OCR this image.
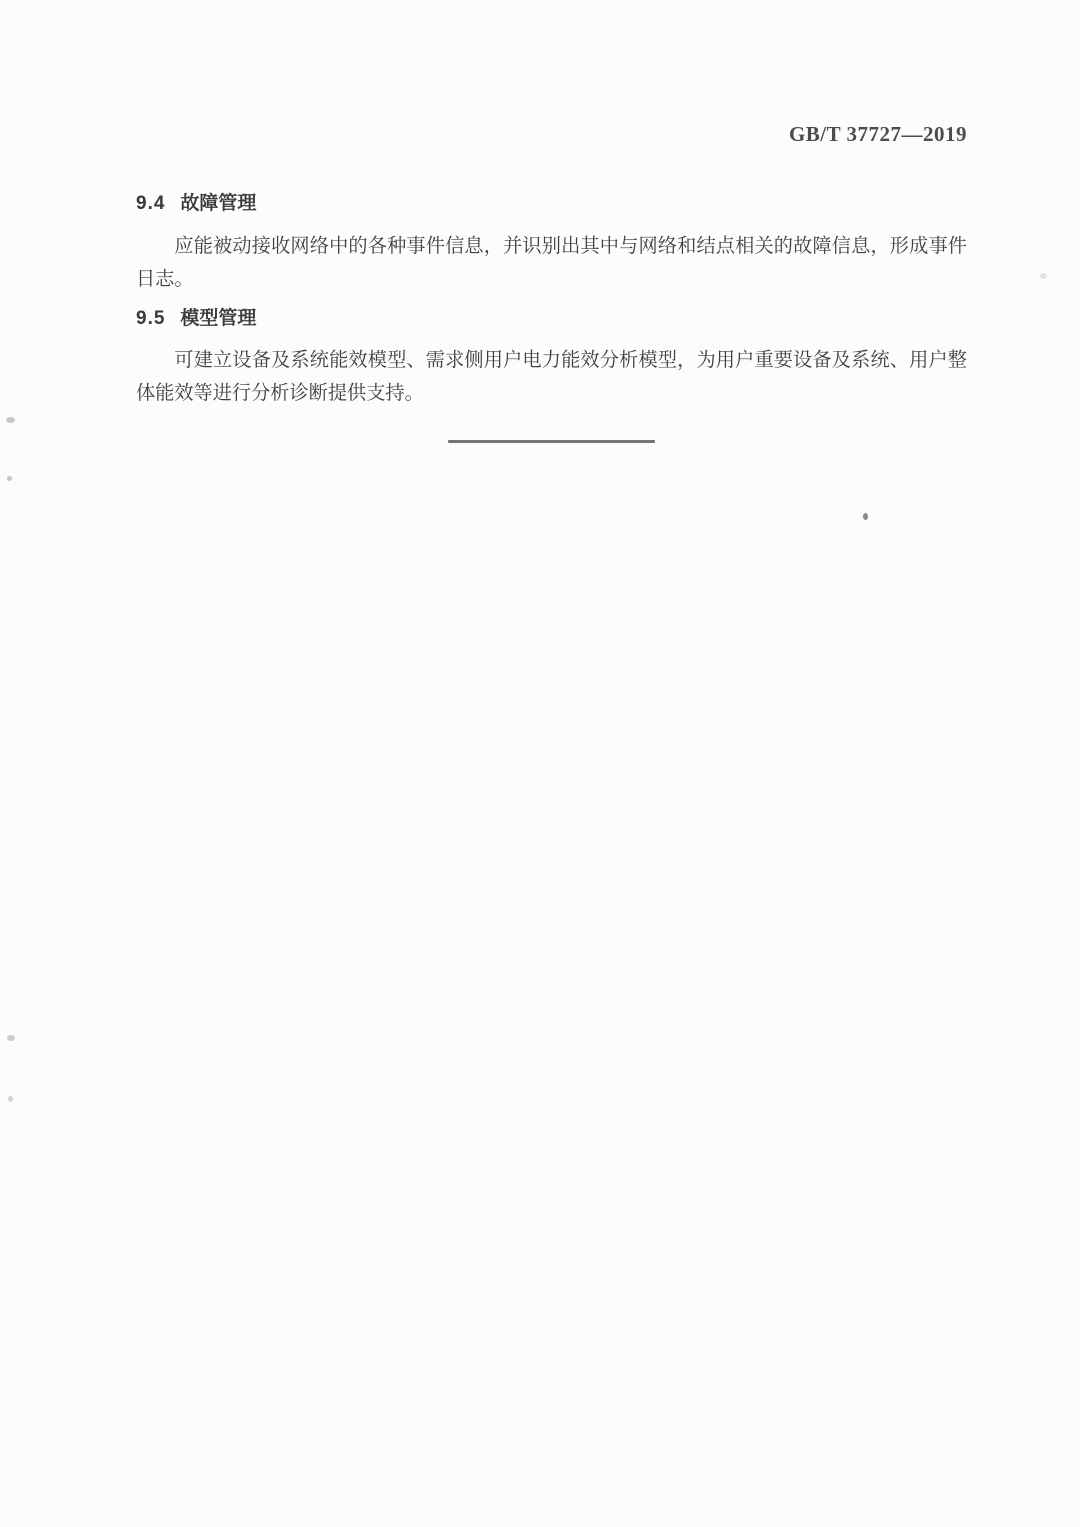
GB/T 37727—2019
9.4 故障管理

应能被动接收网络中的各种事件信息，并识别出其中与网络和结点相关的故障信息，形成事件日志。

9.5 模型管理

可建立设备及系统能效模型、需求侧用户电力能效分析模型，为用户重要设备及系统、用户整体能效等进行分析诊断提供支持。
